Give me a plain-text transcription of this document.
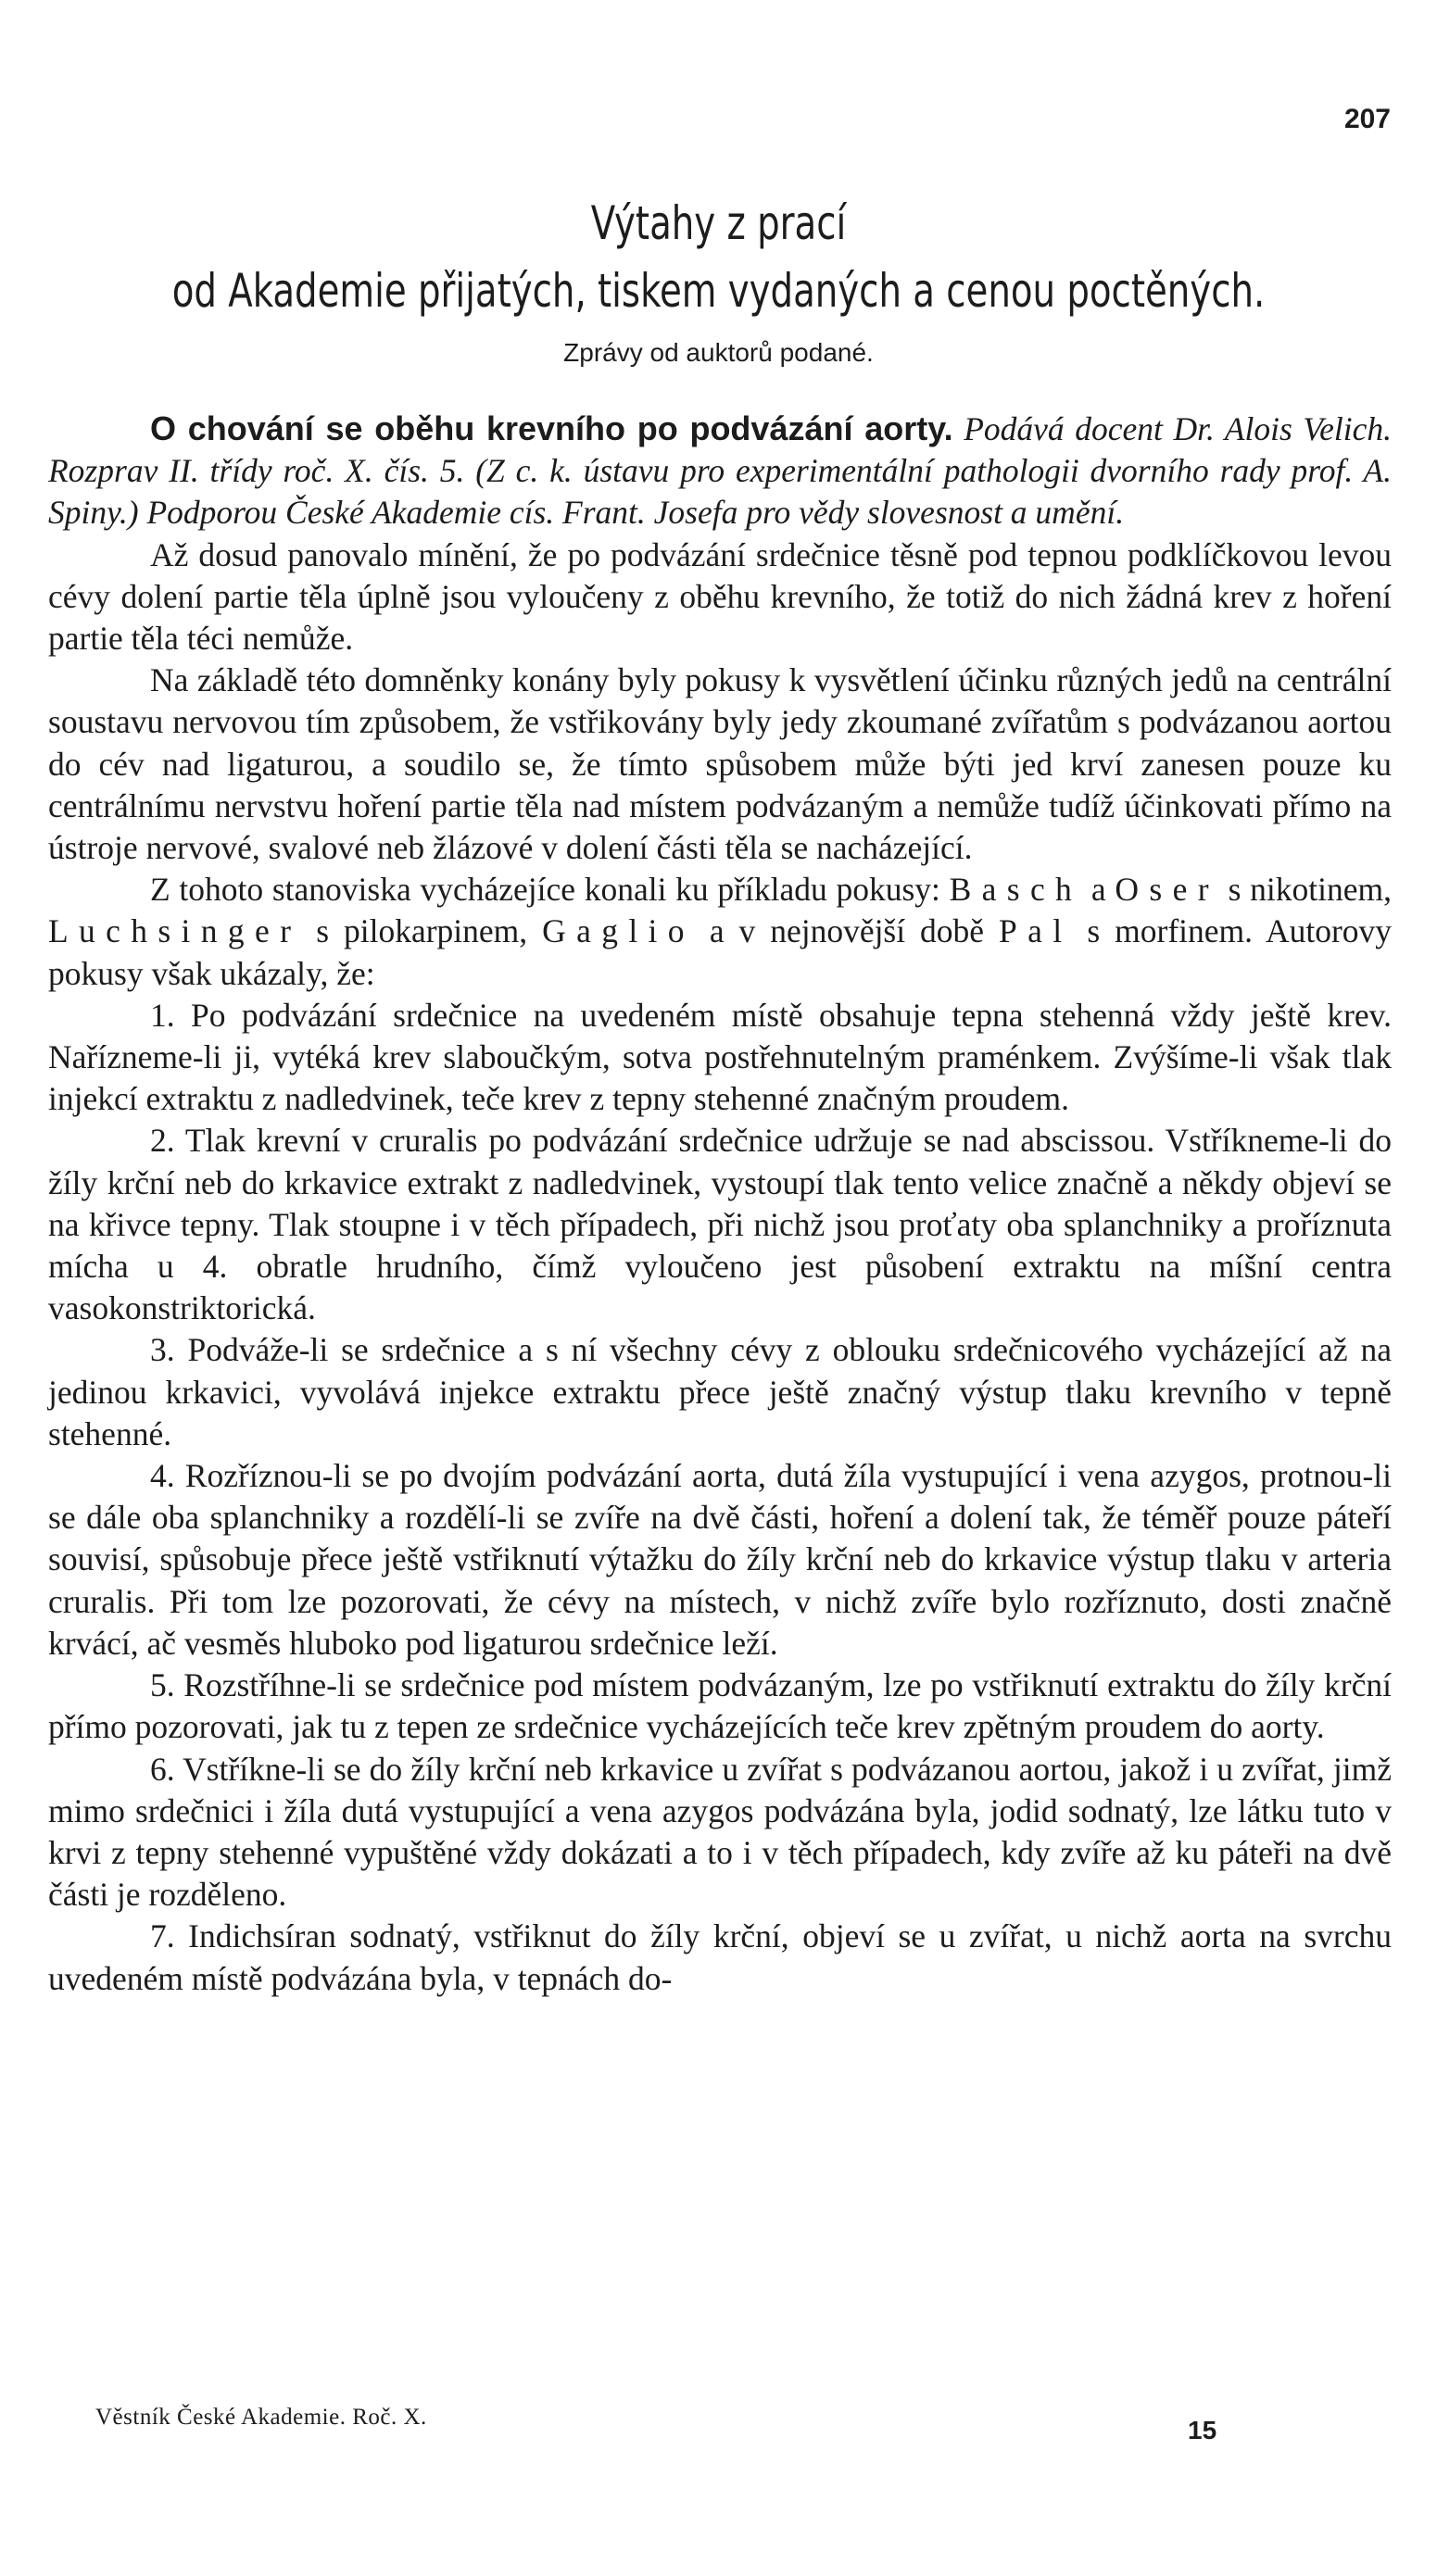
207
Výtahy z prací
od Akademie přijatých, tiskem vydaných a cenou poctěných.
Zprávy od auktorů podané.

O chování se oběhu krevního po podvázání aorty. Podává docent Dr. Alois Velich. Rozprav II. třídy roč. X. čís. 5. (Z c. k. ústavu pro experimentální pathologii dvorního rady prof. A. Spiny.) Podporou České Akademie cís. Frant. Josefa pro vědy slovesnost a umění.

Až dosud panovalo mínění, že po podvázání srdečnice těsně pod tepnou podklíčkovou levou cévy dolení partie těla úplně jsou vyloučeny z oběhu krevního, že totiž do nich žádná krev z hoření partie těla téci nemůže.

Na základě této domněnky konány byly pokusy k vysvětlení účinku různých jedů na centrální soustavu nervovou tím způsobem, že vstřikovány byly jedy zkoumané zvířatům s podvázanou aortou do cév nad ligaturou, a soudilo se, že tímto spůsobem může býti jed krví zanesen pouze ku centrálnímu nervstvu hoření partie těla nad místem podvázaným a nemůže tudíž účinkovati přímo na ústroje nervové, svalové neb žlázové v dolení části těla se nacházející.

Z tohoto stanoviska vycházejíce konali ku příkladu pokusy: Basch a Oser s nikotinem, Luchsinger s pilokarpinem, Gaglio a v nejnovější době Pal s morfinem. Autorovy pokusy však ukázaly, že:

1. Po podvázání srdečnice na uvedeném místě obsahuje tepna stehenná vždy ještě krev. Nařízneme-li ji, vytéká krev slaboučkým, sotva postřehnutelným praménkem. Zvýšíme-li však tlak injekcí extraktu z nadledvinek, teče krev z tepny stehenné značným proudem.

2. Tlak krevní v cruralis po podvázání srdečnice udržuje se nad abscissou. Vstříkneme-li do žíly krční neb do krkavice extrakt z nadledvinek, vystoupí tlak tento velice značně a někdy objeví se na křivce tepny. Tlak stoupne i v těch případech, při nichž jsou proťaty oba splanchniky a proříznuta mícha u 4. obratle hrudního, čímž vyloučeno jest působení extraktu na míšní centra vasokonstriktorická.

3. Podváže-li se srdečnice a s ní všechny cévy z oblouku srdečnicového vycházející až na jedinou krkavici, vyvolává injekce extraktu přece ještě značný výstup tlaku krevního v tepně stehenné.

4. Rozříznou-li se po dvojím podvázání aorta, dutá žíla vystupující i vena azygos, protnou-li se dále oba splanchniky a rozdělí-li se zvíře na dvě části, hoření a dolení tak, že téměř pouze páteří souvisí, spůsobuje přece ještě vstřiknutí výtažku do žíly krční neb do krkavice výstup tlaku v arteria cruralis. Při tom lze pozorovati, že cévy na místech, v nichž zvíře bylo rozříznuto, dosti značně krvácí, ač vesměs hluboko pod ligaturou srdečnice leží.

5. Rozstříhne-li se srdečnice pod místem podvázaným, lze po vstřiknutí extraktu do žíly krční přímo pozorovati, jak tu z tepen ze srdečnice vycházejících teče krev zpětným proudem do aorty.

6. Vstříkne-li se do žíly krční neb krkavice u zvířat s podvázanou aortou, jakož i u zvířat, jimž mimo srdečnici i žíla dutá vystupující a vena azygos podvázána byla, jodid sodnatý, lze látku tuto v krvi z tepny stehenné vypuštěné vždy dokázati a to i v těch případech, kdy zvíře až ku páteři na dvě části je rozděleno.

7. Indichsíran sodnatý, vstřiknut do žíly krční, objeví se u zvířat, u nichž aorta na svrchu uvedeném místě podvázána byla, v tepnách do-

Věstník České Akademie. Roč. X.	15
